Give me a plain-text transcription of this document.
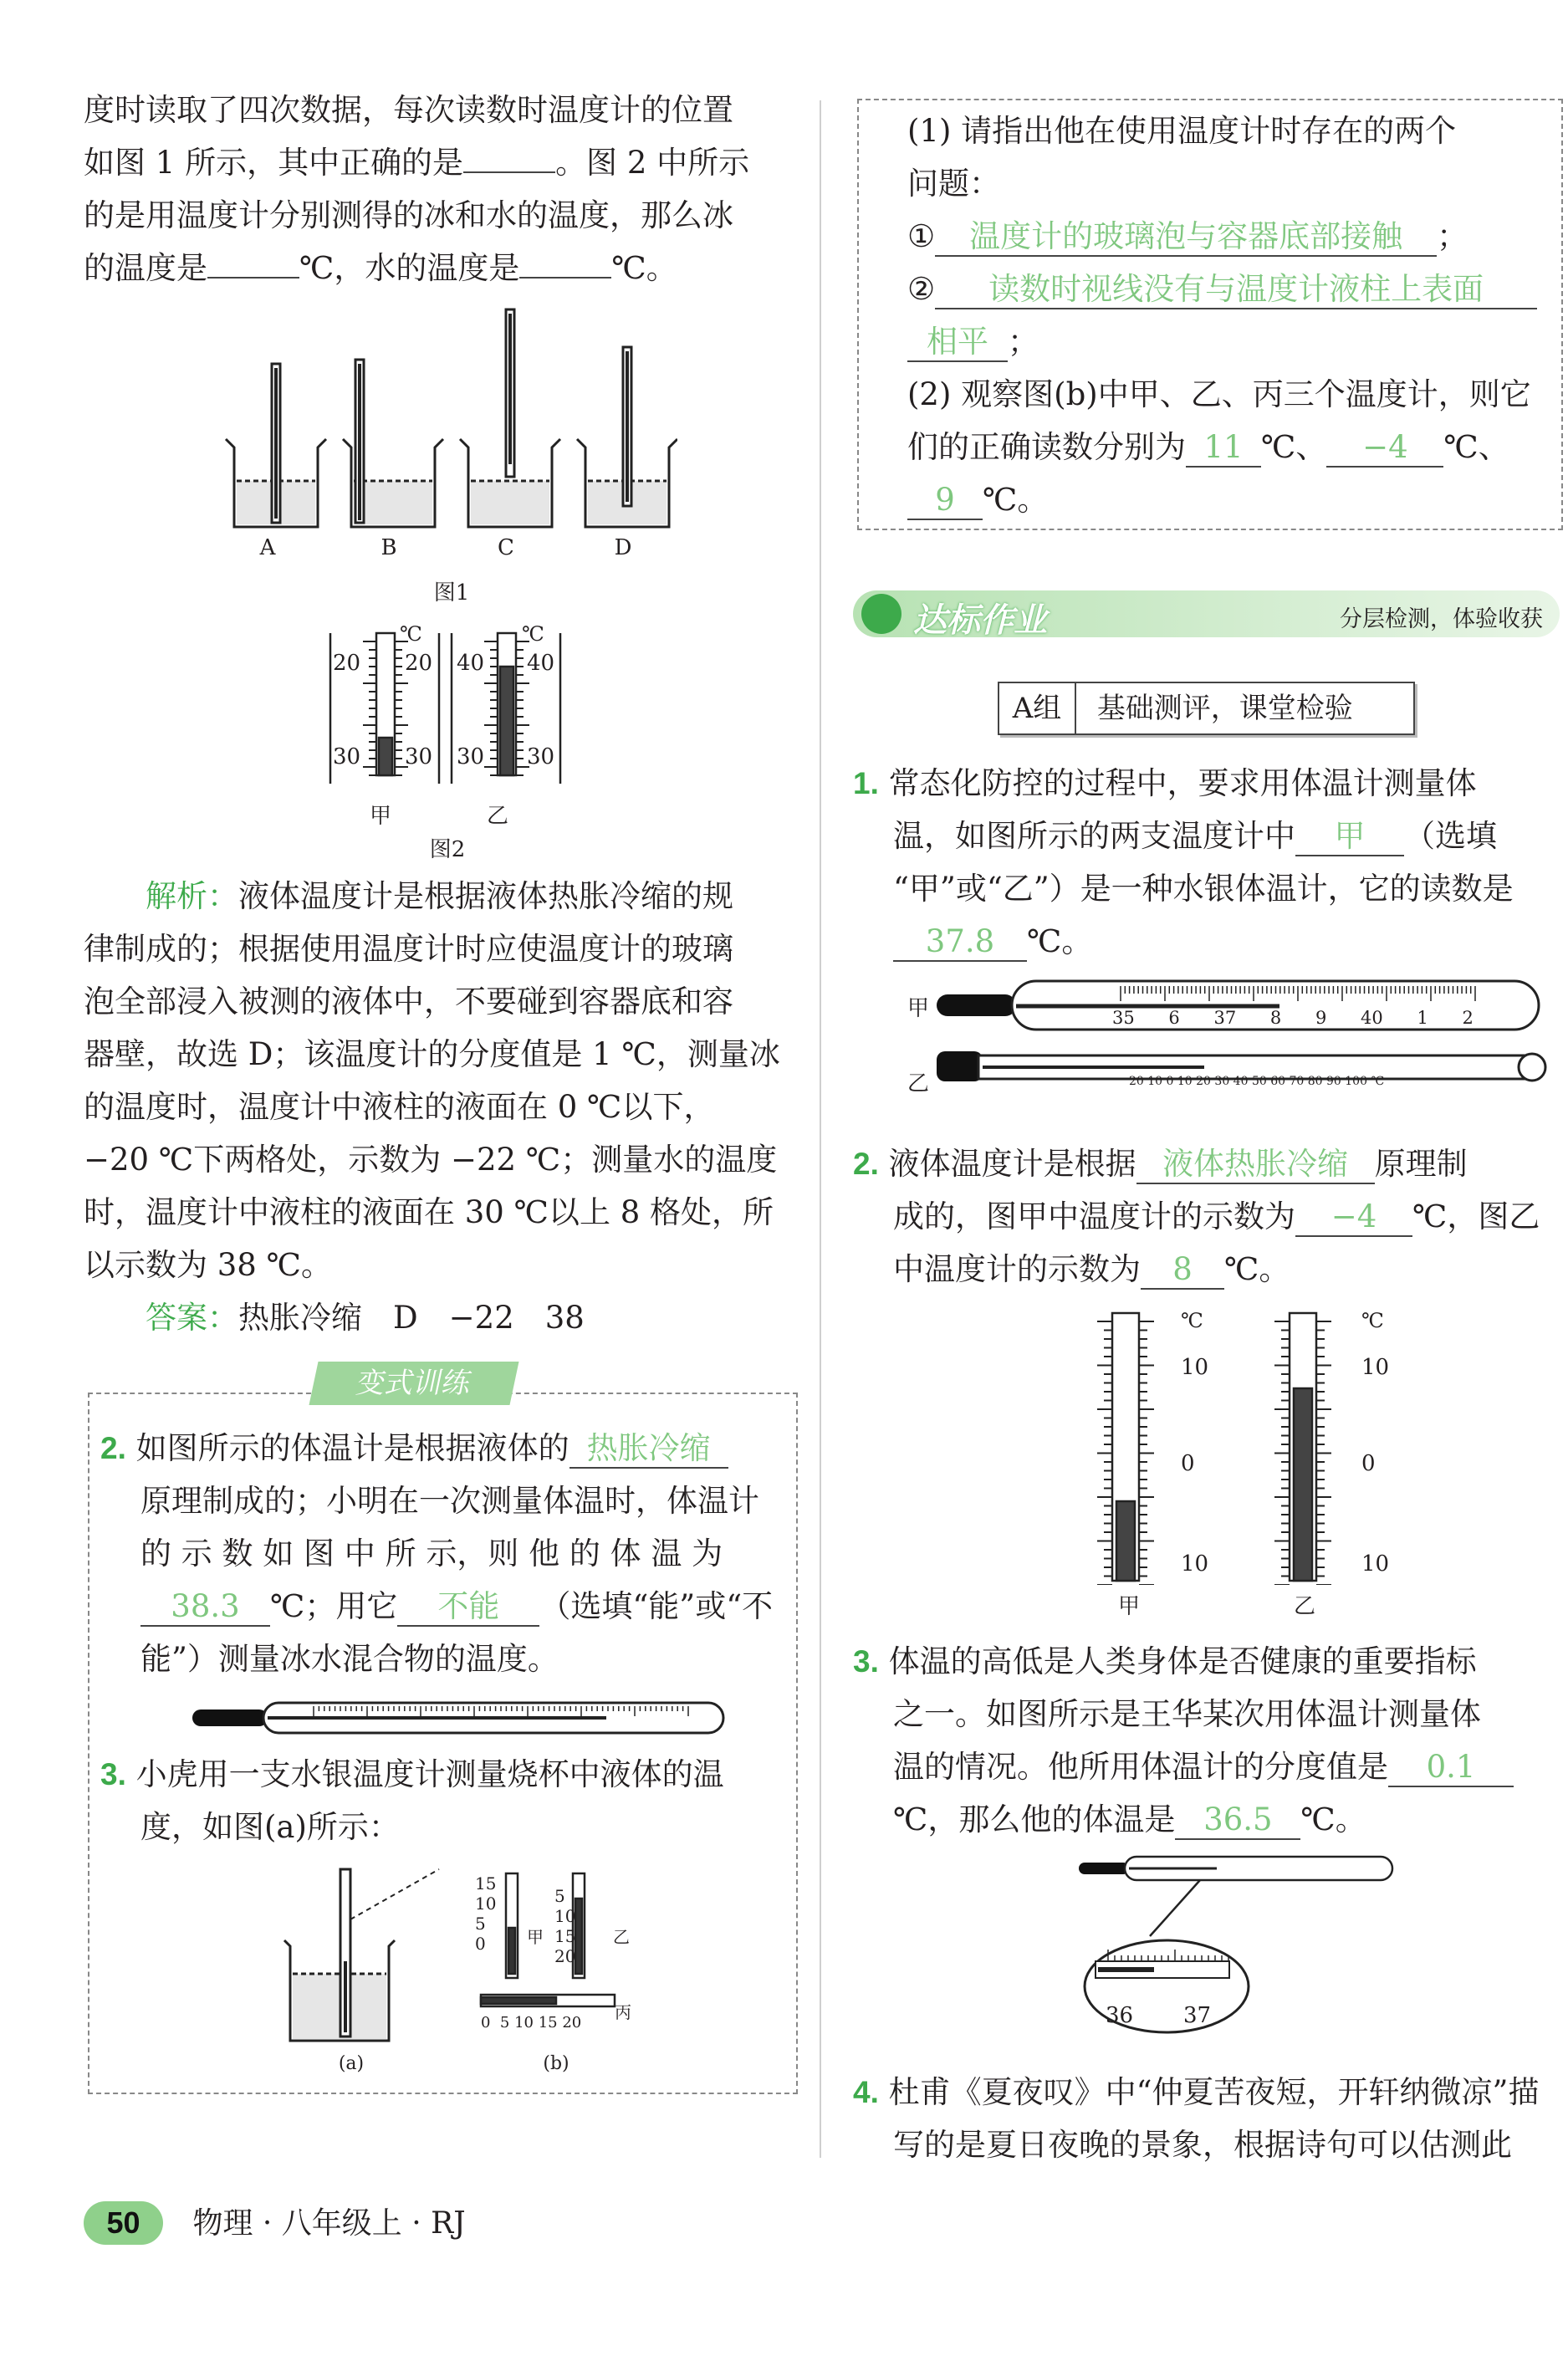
度时读取了四次数据，每次读数时温度计的位置

如图 1 所示，其中正确的是	。图 2 中所示

的是用温度计分别测得的冰和水的温度，那么冰

的温度是	℃，水的温度是	℃。

A	B	C	D
图1
℃	℃
20 20
30 30
40 40
30 30
甲	乙
图2

　　解析：液体温度计是根据液体热胀冷缩的规

律制成的；根据使用温度计时应使温度计的玻璃

泡全部浸入被测的液体中，不要碰到容器底和容

器壁，故选 D；该温度计的分度值是 1 ℃，测量冰

的温度时，温度计中液柱的液面在 0 ℃以下，

−20 ℃下两格处，示数为 −22 ℃；测量水的温度

时，温度计中液柱的液面在 30 ℃以上 8 格处，所

以示数为 38 ℃。

　　答案：热胀冷缩　D　−22　38

变式训练

2. 如图所示的体温计是根据液体的 热胀冷缩

原理制成的；小明在一次测量体温时，体温计

的 示 数 如 图 中 所 示，则 他 的 体 温 为

38.3 ℃；用它 不能 （选填“能”或“不

能”）测量冰水混合物的温度。

3. 小虎用一支水银温度计测量烧杯中液体的温

度，如图(a)所示：

(a)
15
10
5
0	甲
5
10
15
20
乙
丙
0  5 10 15 20
(b)

(1) 请指出他在使用温度计时存在的两个

问题：

① 温度计的玻璃泡与容器底部接触 ；

② 读数时视线没有与温度计液柱上表面

相平 ；

(2) 观察图(b)中甲、乙、丙三个温度计，则它

们的正确读数分别为 11 ℃、 −4 ℃、

9 ℃。

达标作业	分层检测，体验收获
A组 基础测评，课堂检验

1. 常态化防控的过程中，要求用体温计测量体

温，如图所示的两支温度计中 甲 （选填

“甲”或“乙”）是一种水银体温计，它的读数是

37.8 ℃。

甲	35 6 37 8 9 40 1 2
乙	20 10 0 10 20 30 40 50 60 70 80 90 100 ℃

2. 液体温度计是根据 液体热胀冷缩 原理制

成的，图甲中温度计的示数为 −4 ℃，图乙

中温度计的示数为 8 ℃。

℃	℃
10
0
10
10
0
10
甲	乙

3. 体温的高低是人类身体是否健康的重要指标

之一。如图所示是王华某次用体温计测量体

温的情况。他所用体温计的分度值是 0.1

℃，那么他的体温是 36.5 ℃。

36 37

4. 杜甫《夏夜叹》中“仲夏苦夜短，开轩纳微凉”描

写的是夏日夜晚的景象，根据诗句可以估测此

50 物理 · 八年级上 · RJ
